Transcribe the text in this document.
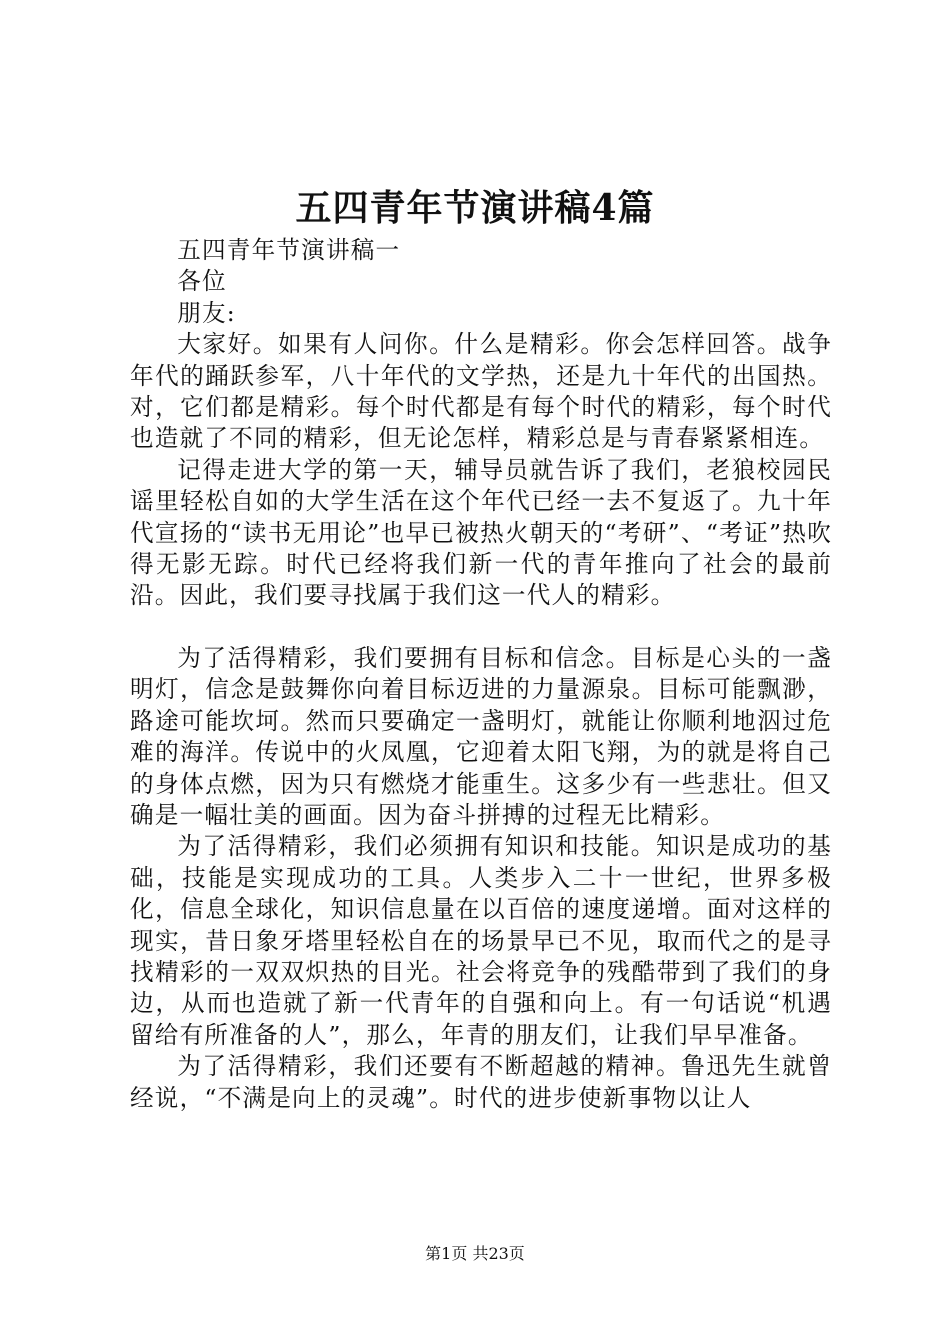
五四青年节演讲稿4篇

五四青年节演讲稿一

各位

朋友:

大家好。如果有人问你。什么是精彩。你会怎样回答。战争年代的踊跃参军，八十年代的文学热，还是九十年代的出国热。对，它们都是精彩。每个时代都是有每个时代的精彩，每个时代也造就了不同的精彩，但无论怎样，精彩总是与青春紧紧相连。

记得走进大学的第一天，辅导员就告诉了我们，老狼校园民谣里轻松自如的大学生活在这个年代已经一去不复返了。九十年代宣扬的“读书无用论”也早已被热火朝天的“考研”、“考证”热吹得无影无踪。时代已经将我们新一代的青年推向了社会的最前沿。因此，我们要寻找属于我们这一代人的精彩。

为了活得精彩，我们要拥有目标和信念。目标是心头的一盏明灯，信念是鼓舞你向着目标迈进的力量源泉。目标可能飘渺，路途可能坎坷。然而只要确定一盏明灯，就能让你顺利地泅过危难的海洋。传说中的火凤凰，它迎着太阳飞翔，为的就是将自己的身体点燃，因为只有燃烧才能重生。这多少有一些悲壮。但又确是一幅壮美的画面。因为奋斗拼搏的过程无比精彩。

为了活得精彩，我们必须拥有知识和技能。知识是成功的基础，技能是实现成功的工具。人类步入二十一世纪，世界多极化，信息全球化，知识信息量在以百倍的速度递增。面对这样的现实，昔日象牙塔里轻松自在的场景早已不见，取而代之的是寻找精彩的一双双炽热的目光。社会将竞争的残酷带到了我们的身边，从而也造就了新一代青年的自强和向上。有一句话说“机遇留给有所准备的人”，那么，年青的朋友们，让我们早早准备。

为了活得精彩，我们还要有不断超越的精神。鲁迅先生就曾经说，“不满是向上的灵魂”。时代的进步使新事物以让人

第1页 共23页
